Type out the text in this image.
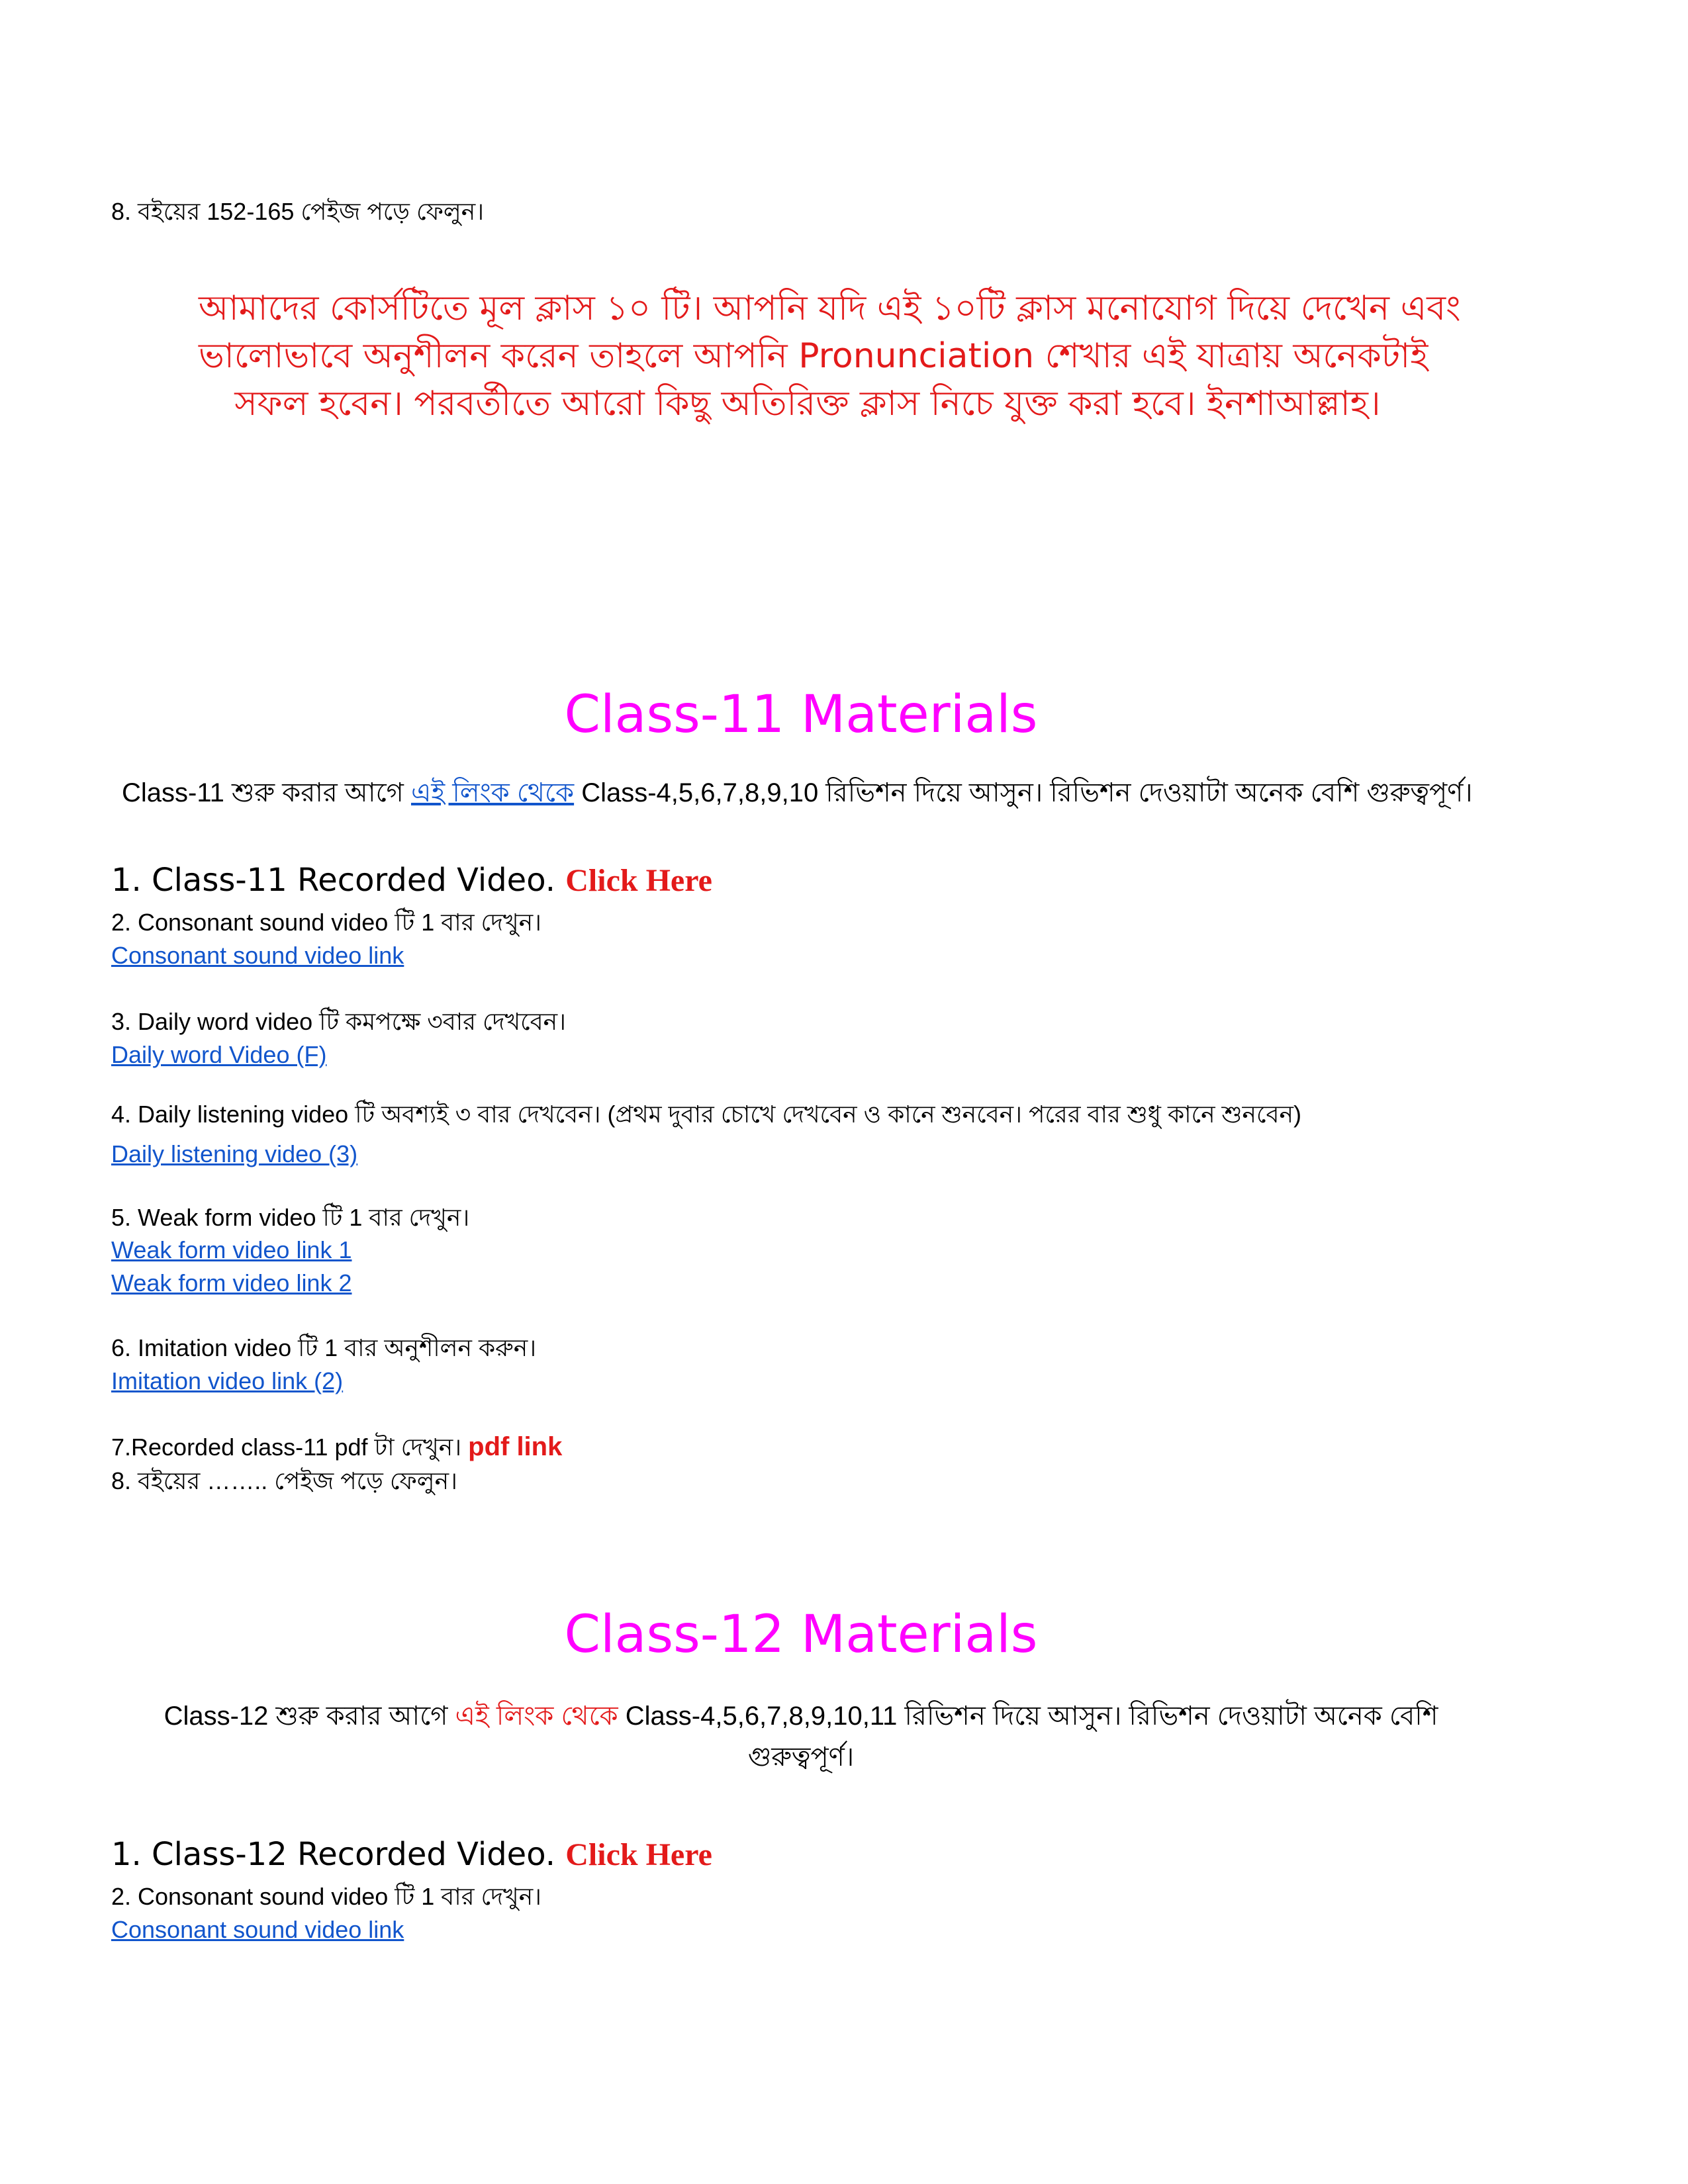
8. বইয়ের 152-165 পেইজ পড়ে ফেলুন।
আমাদের কোর্সটিতে মূল ক্লাস ১০ টি। আপনি যদি এই ১০টি ক্লাস মনোযোগ দিয়ে দেখেন এবং
ভালোভাবে অনুশীলন করেন তাহলে আপনি Pronunciation শেখার এই যাত্রায় অনেকটাই
সফল হবেন। পরবর্তীতে আরো কিছু অতিরিক্ত ক্লাস নিচে যুক্ত করা হবে। ইনশাআল্লাহ।
Class-11 Materials
Class-11 শুরু করার আগে এই লিংক থেকে Class-4,5,6,7,8,9,10 রিভিশন দিয়ে আসুন। রিভিশন দেওয়াটা অনেক বেশি গুরুত্বপূর্ণ।
1. Class-11 Recorded Video. Click Here
2. Consonant sound video টি 1 বার দেখুন।
Consonant sound video link
3. Daily word video টি কমপক্ষে ৩বার দেখবেন।
Daily word Video (F)
4. Daily listening video টি অবশ্যই ৩ বার দেখবেন। (প্রথম দুবার চোখে দেখবেন ও কানে শুনবেন। পরের বার শুধু কানে শুনবেন)
Daily listening video (3)
5. Weak form video টি 1 বার দেখুন।
Weak form video link 1
Weak form video link 2
6. Imitation video টি 1 বার অনুশীলন করুন।
Imitation video link (2)
7.Recorded class-11 pdf টা দেখুন। pdf link
8. বইয়ের …….. পেইজ পড়ে ফেলুন।
Class-12 Materials
Class-12 শুরু করার আগে এই লিংক থেকে Class-4,5,6,7,8,9,10,11 রিভিশন দিয়ে আসুন। রিভিশন দেওয়াটা অনেক বেশি গুরুত্বপূর্ণ।
1. Class-12 Recorded Video. Click Here
2. Consonant sound video টি 1 বার দেখুন।
Consonant sound video link
